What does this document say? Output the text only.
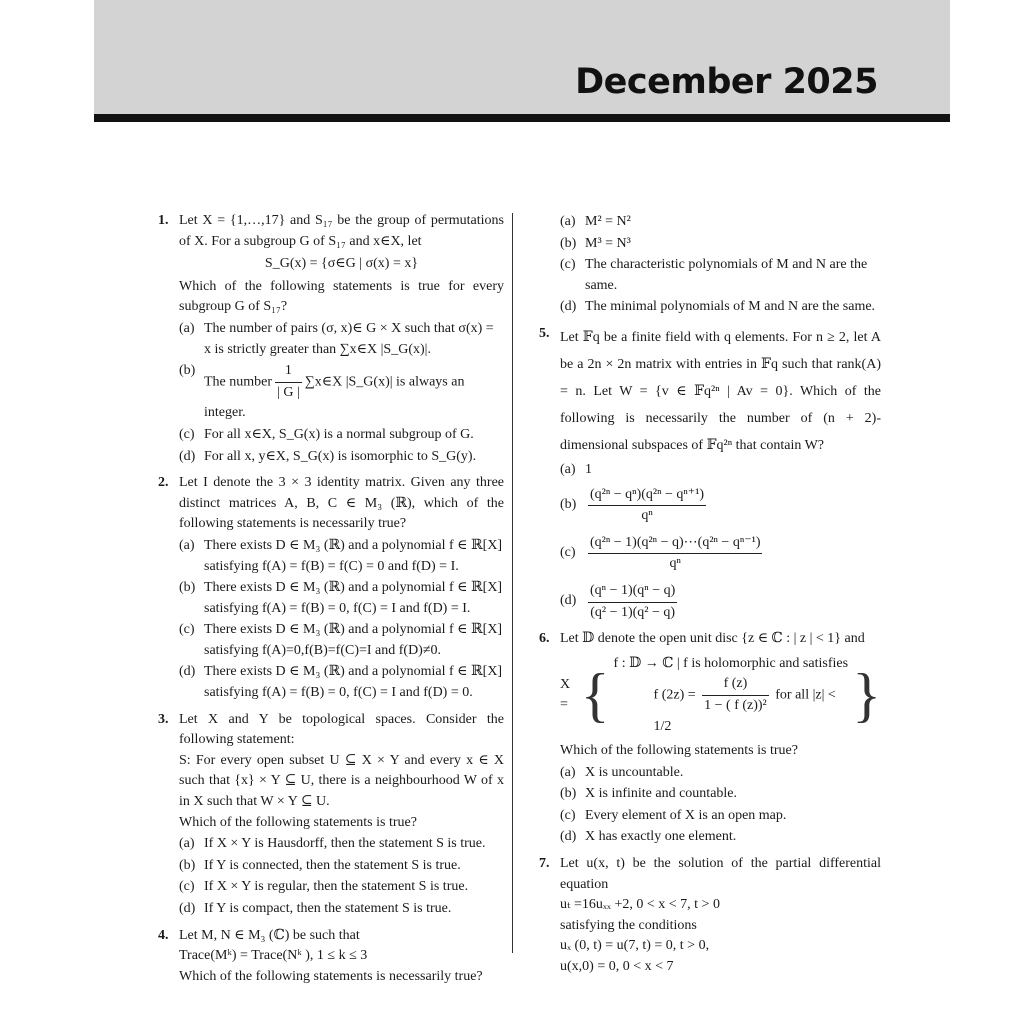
December 2025
1. Let X = {1,…,17} and S₁₇ be the group of permutations of X. For a subgroup G of S₁₇ and x∈X, let
S_G(x) = {σ∈G | σ(x) = x}
Which of the following statements is true for every subgroup G of S₁₇?
(a) The number of pairs (σ, x)∈ G × X such that σ(x) = x is strictly greater than ∑x∈X |S_G(x)|.
(b)
The number $\frac{1}{| G |}$ ∑x∈X |S_G(x)| is always an integer.
(c) For all x∈X, S_G(x) is a normal subgroup of G.
(d) For all x, y∈X, S_G(x) is isomorphic to S_G(y).
2. Let I denote the 3 × 3 identity matrix. Given any three distinct matrices A, B, C ∈ M₃ (ℝ), which of the following statements is necessarily true?
(a) There exists D ∈ M₃ (ℝ) and a polynomial f ∈ ℝ[X] satisfying f(A) = f(B) = f(C) = 0 and f(D) = I.
(b) There exists D ∈ M₃ (ℝ) and a polynomial f ∈ ℝ[X] satisfying f(A) = f(B) = 0, f(C) = I and f(D) = I.
(c) There exists D ∈ M₃ (ℝ) and a polynomial f ∈ ℝ[X] satisfying f(A)=0,f(B)=f(C)=I and f(D)≠0.
(d) There exists D ∈ M₃ (ℝ) and a polynomial f ∈ ℝ[X] satisfying f(A) = f(B) = 0, f(C) = I and f(D) = 0.
3. Let X and Y be topological spaces. Consider the following statement:
S: For every open subset U ⊆ X × Y and every x ∈ X such that {x} × Y ⊆ U, there is a neighbourhood W of x in X such that W × Y ⊆ U.
Which of the following statements is true?
(a) If X × Y is Hausdorff, then the statement S is true.
(b) If Y is connected, then the statement S is true.
(c) If X × Y is regular, then the statement S is true.
(d) If Y is compact, then the statement S is true.
4. Let M, N ∈ M₃ (ℂ) be such that
Trace(Mᵏ) = Trace(Nᵏ ), 1 ≤ k ≤ 3
Which of the following statements is necessarily true?
(a) M² = N²
(b) M³ = N³
(c) The characteristic polynomials of M and N are the same.
(d) The minimal polynomials of M and N are the same.
5. Let 𝔽q be a finite field with q elements. For n ≥ 2, let A be a 2n × 2n matrix with entries in 𝔽q such that rank(A) = n. Let W = {v ∈ 𝔽q²ⁿ | Av = 0}. Which of the following is necessarily the number of (n + 2)-dimensional subspaces of 𝔽q²ⁿ that contain W?
(a) 1
$(b) \frac{\text{(q²ⁿ − qⁿ)(q²ⁿ − qⁿ⁺¹)}}{\text{qⁿ}}$
$(c) \frac{\text{(q²ⁿ − 1)(q²ⁿ − q)⋯(q²ⁿ − qⁿ⁻¹)}}{\text{qⁿ}}$
$(d) \frac{\text{(qⁿ − 1)(qⁿ − q)}}{\text{(q² − 1)(q² − q)}}$
6. Let 𝔻 denote the open unit disc {z ∈ ℂ : | z | < 1} and
X = { f : 𝔻 → ℂ | f is holomorphic and satisfies
f $(2z) = \frac{f (z)}{\text{1 − ( f (z))²}}$ for all |z| < 1/2	}
Which of the following statements is true?
(a) X is uncountable.
(b) X is infinite and countable.
(c) Every element of X is an open map.
(d) X has exactly one element.
7. Let u(x, t) be the solution of the partial differential equation
uₜ =16uₓₓ +2, 0 < x < 7, t > 0
satisfying the conditions
uₓ (0, t) = u(7, t) = 0, t > 0,
u(x,0) = 0, 0 < x < 7
